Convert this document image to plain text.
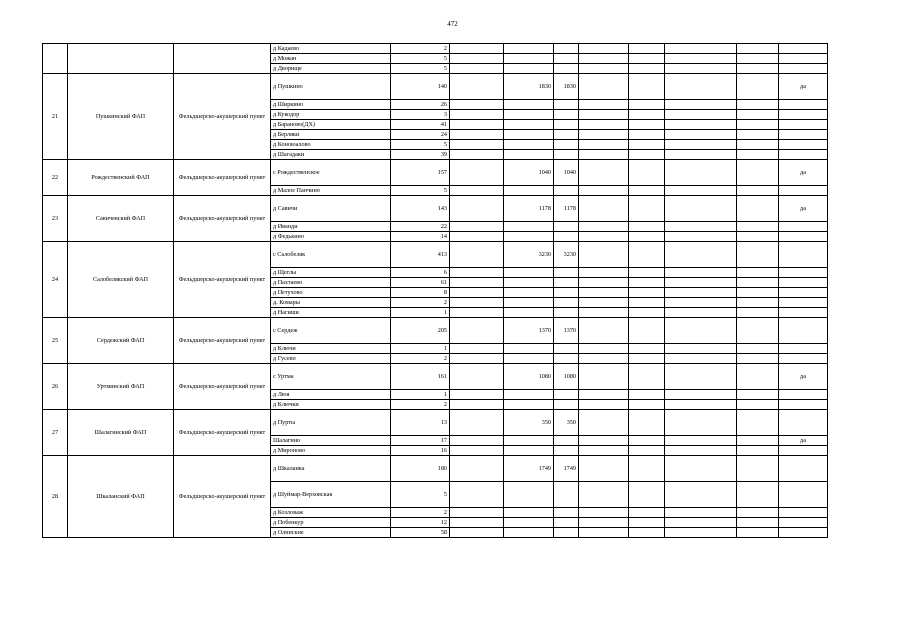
472
			д Кадаево	2									
			д Можан	5									
			д Дворище	5									
21	Пушкинский ФАП	Фельдшерско-акушерский пункт	д Пушкино	140		1830	1830					да	
			д Ширкино	26									
			д Кукодор	3									
			д Бараново(ДХ)	41									
			д Берляки	24									
			д Коноюалово	5									
			д Шагадаки	39									
22	Рождественский ФАП	Фельдшерско-акушерский пункт	с Рождественское	157		1040	1040					да	
			д Малое Панчино	5									
23	Савичевский ФАП	Фельдшерско-акушерский пункт	д Савичи	143		1178	1178					да	
			д Иванди	22									
			д Федькино	14									
24	Салобелякский ФАП	Фельдшерско-акушерский пункт	с Салобеляк	413		3230	3230						
			д Щеглы	6									
			д Пахтаево	61									
			д Петухово	8									
			д. Комары	2									
			д Нагиши	1									
25	Сердежский ФАП	Фельдшерско-акушерский пункт	с Сердеж	205		1370	1370						
			д Ключи	1									
			д Гусево	2									
26	Уртминский ФАП	Фельдшерско-акушерский пункт	с Уртма	161		1080	1080					да	
			д Люя	1									
			д Ключки	2									
27	Шалагинский ФАП	Фельдшерско-акушерский пункт	д Пурты	13		350	350						
			Шалагино	17								да	
			д Мироново	16									
28	Шкаланский ФАП	Фельдшерско-акушерский пункт	д Шкаланка	180		1749	1749						
			д Шуймар-Верховская	5									
			д Козловаж	2									
			д Побенкур	12									
			д Олинские	58									
